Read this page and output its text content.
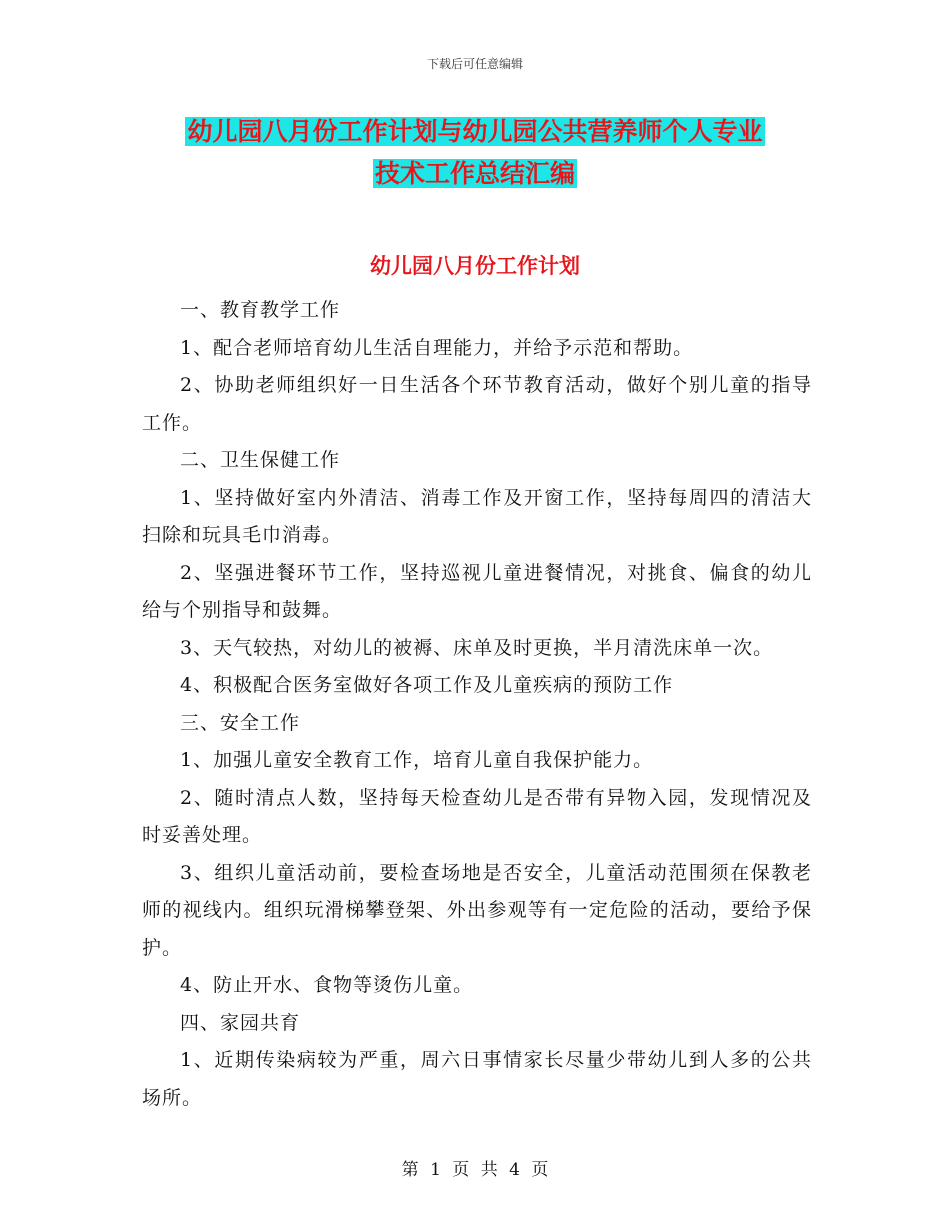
下载后可任意编辑
幼儿园八月份工作计划与幼儿园公共营养师个人专业
技术工作总结汇编
幼儿园八月份工作计划

一、教育教学工作

1、配合老师培育幼儿生活自理能力，并给予示范和帮助。

2、协助老师组织好一日生活各个环节教育活动，做好个别儿童的指导工作。

二、卫生保健工作

1、坚持做好室内外清洁、消毒工作及开窗工作，坚持每周四的清洁大扫除和玩具毛巾消毒。

2、坚强进餐环节工作，坚持巡视儿童进餐情况，对挑食、偏食的幼儿给与个别指导和鼓舞。

3、天气较热，对幼儿的被褥、床单及时更换，半月清洗床单一次。

4、积极配合医务室做好各项工作及儿童疾病的预防工作

三、安全工作

1、加强儿童安全教育工作，培育儿童自我保护能力。

2、随时清点人数，坚持每天检查幼儿是否带有异物入园，发现情况及时妥善处理。

3、组织儿童活动前，要检查场地是否安全，儿童活动范围须在保教老师的视线内。组织玩滑梯攀登架、外出参观等有一定危险的活动，要给予保护。

4、防止开水、食物等烫伤儿童。

四、家园共育

1、近期传染病较为严重，周六日事情家长尽量少带幼儿到人多的公共场所。

第 1 页 共 4 页
